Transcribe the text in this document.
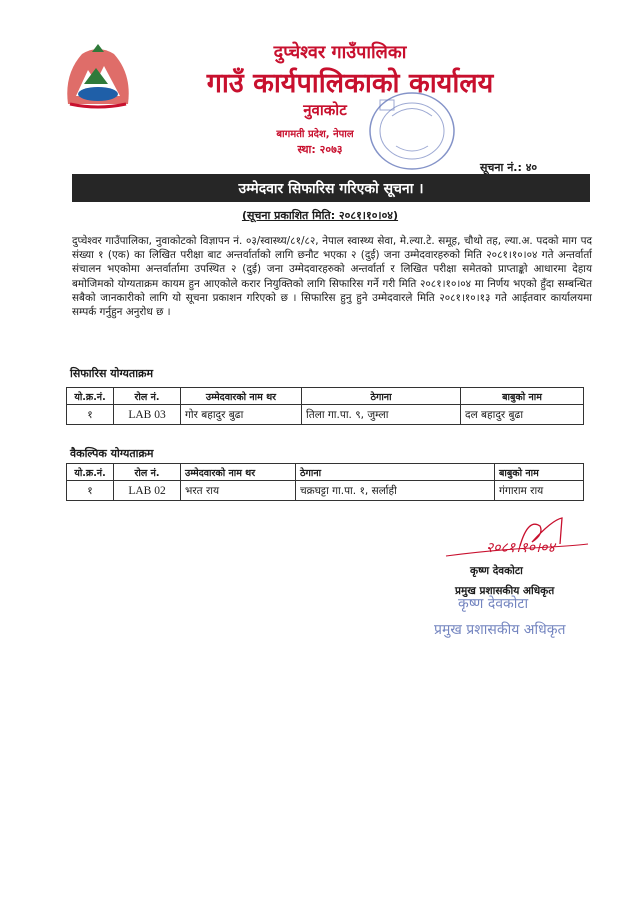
दुप्चेश्वर गाउँपालिका
गाउँ कार्यपालिकाको कार्यालय
नुवाकोट
बागमती प्रदेश, नेपाल
स्था: २०७३
सूचना नं.: ४०
उम्मेदवार सिफारिस गरिएको सूचना ।
(सूचना प्रकाशित मिति: २०८१।१०।०४)
दुप्चेश्वर गाउँपालिका, नुवाकोटको विज्ञापन नं. ०३/स्वास्थ्य/८१/८२, नेपाल स्वास्थ्य सेवा, मे.ल्या.टे. समूह, चौथो तह, ल्या.अ. पदको माग पद संख्या १ (एक) का लिखित परीक्षा बाट अन्तर्वार्ताको लागि छनौट भएका २ (दुई) जना उम्मेदवारहरुको मिति २०८१।१०।०४ गते अन्तर्वार्ता संचालन भएकोमा अन्तर्वार्तामा उपस्थित २ (दुई) जना उम्मेदवारहरुको अन्तर्वार्ता र लिखित परीक्षा समेतको प्राप्ताङ्को आधारमा देहाय बमोजिमको योग्यताक्रम कायम हुन आएकोले करार नियुक्तिको लागि सिफारिस गर्ने गरी मिति २०८१।१०।०४ मा निर्णय भएको हुँदा सम्बन्धित सबैको जानकारीको लागि यो सूचना प्रकाशन गरिएको छ । सिफारिस हुनु हुने उम्मेदवारले मिति २०८१।१०।१३ गते आईतवार कार्यालयमा सम्पर्क गर्नुहुन अनुरोध छ ।
सिफारिस योग्यताक्रम
यो.क्र.नं.	रोल नं.	उम्मेदवारको नाम थर	ठेगाना	बाबुको नाम
१	LAB 03	गोर बहादुर बुढा	तिला गा.पा. ९, जुम्ला	दल बहादुर बुढा
वैकल्पिक योग्यताक्रम
यो.क्र.नं.	रोल नं.	उम्मेदवारको नाम थर	ठेगाना	बाबुको नाम
१	LAB 02	भरत राय	चक्रघट्टा गा.पा. १, सर्लाही	गंगाराम राय
२०८१।१०।०४
कृष्ण देवकोटा
प्रमुख प्रशासकीय अधिकृत
कृष्ण देवकोटा
प्रमुख प्रशासकीय अधिकृत
